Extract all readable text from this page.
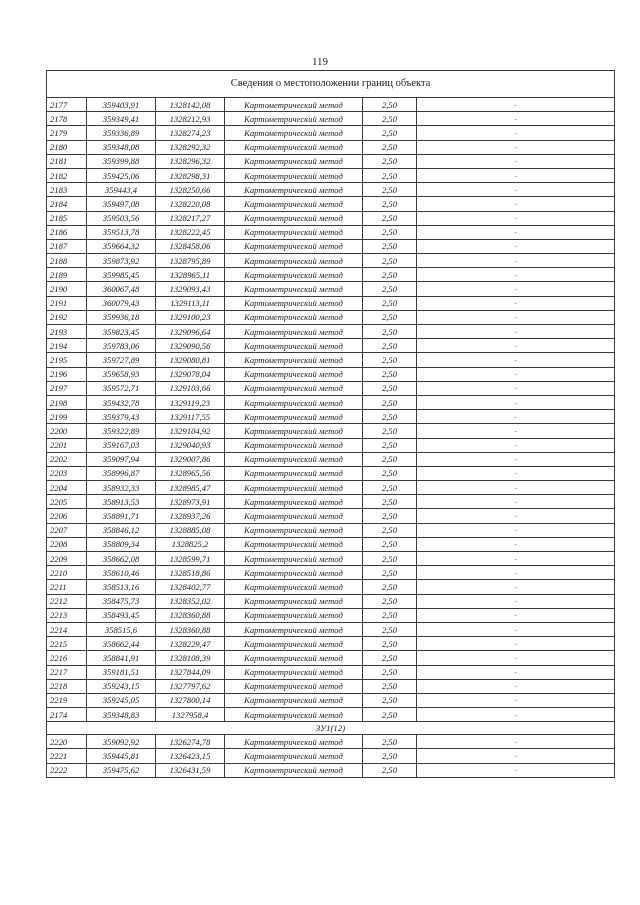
119
Сведения о местоположении границ объекта					
2177	359403,91	1328142,08	Картометрический метод	2,50	-
2178	359349,41	1328212,93	Картометрический метод	2,50	-
2179	359336,89	1328274,23	Картометрический метод	2,50	-
2180	359348,08	1328292,32	Картометрический метод	2,50	-
2181	359399,88	1328296,32	Картометрический метод	2,50	-
2182	359425,06	1328298,31	Картометрический метод	2,50	-
2183	359443,4	1328250,66	Картометрический метод	2,50	-
2184	359497,08	1328220,08	Картометрический метод	2,50	-
2185	359503,56	1328217,27	Картометрический метод	2,50	-
2186	359513,78	1328222,45	Картометрический метод	2,50	-
2187	359664,32	1328458,06	Картометрический метод	2,50	-
2188	359873,92	1328795,89	Картометрический метод	2,50	-
2189	359985,45	1328965,11	Картометрический метод	2,50	-
2190	360067,48	1329093,43	Картометрический метод	2,50	-
2191	360079,43	1329113,11	Картометрический метод	2,50	-
2192	359936,18	1329100,23	Картометрический метод	2,50	-
2193	359823,45	1329096,64	Картометрический метод	2,50	-
2194	359783,06	1329090,56	Картометрический метод	2,50	-
2195	359727,89	1329080,81	Картометрический метод	2,50	-
2196	359658,93	1329078,04	Картометрический метод	2,50	-
2197	359572,71	1329103,66	Картометрический метод	2,50	-
2198	359432,78	1329119,23	Картометрический метод	2,50	-
2199	359379,43	1329117,55	Картометрический метод	2,50	-
2200	359322,89	1329104,92	Картометрический метод	2,50	-
2201	359167,03	1329040,93	Картометрический метод	2,50	-
2202	359097,94	1329007,86	Картометрический метод	2,50	-
2203	358996,87	1328965,56	Картометрический метод	2,50	-
2204	358932,33	1328985,47	Картометрический метод	2,50	-
2205	358913,53	1328973,91	Картометрический метод	2,50	-
2206	358891,71	1328937,26	Картометрический метод	2,50	-
2207	358846,12	1328885,08	Картометрический метод	2,50	-
2208	358809,34	1328825,2	Картометрический метод	2,50	-
2209	358662,08	1328599,71	Картометрический метод	2,50	-
2210	358610,46	1328518,86	Картометрический метод	2,50	-
2211	358513,16	1328402,77	Картометрический метод	2,50	-
2212	358475,73	1328352,02	Картометрический метод	2,50	-
2213	358493,45	1328360,88	Картометрический метод	2,50	-
2214	358515,6	1328360,88	Картометрический метод	2,50	-
2215	358662,44	1328229,47	Картометрический метод	2,50	-
2216	358841,91	1328108,39	Картометрический метод	2,50	-
2217	359181,51	1327844,09	Картометрический метод	2,50	-
2218	359243,15	1327797,62	Картометрический метод	2,50	-
2219	359245,05	1327800,14	Картометрический метод	2,50	-
2174	359348,83	1327958,4	Картометрический метод	2,50	-
ЗУ1(12)					
2220	359092,92	1326274,78	Картометрический метод	2,50	-
2221	359445,81	1326423,15	Картометрический метод	2,50	-
2222	359475,62	1326431,59	Картометрический метод	2,50	-
